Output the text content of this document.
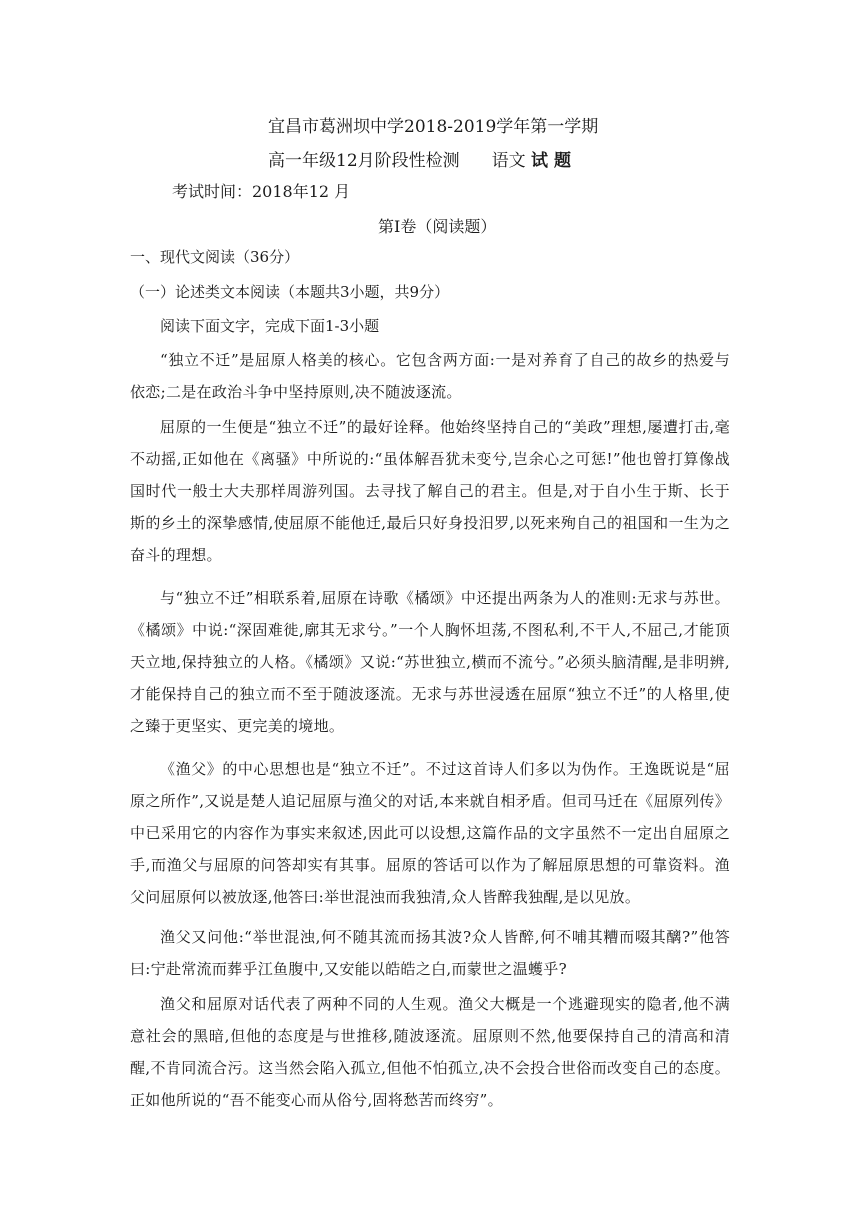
宜昌市葛洲坝中学2018-2019学年第一学期
高一年级12月阶段性检测 语文 试 题
考试时间：2018年12 月
第Ⅰ卷（阅读题）
一、现代文阅读（36分）
（一）论述类文本阅读（本题共3小题，共9分）
阅读下面文字，完成下面1-3小题

“独立不迁”是屈原人格美的核心。它包含两方面:一是对养育了自己的故乡的热爱与依恋;二是在政治斗争中坚持原则,决不随波逐流。

屈原的一生便是“独立不迁”的最好诠释。他始终坚持自己的“美政”理想,屡遭打击,毫不动摇,正如他在《离骚》中所说的:“虽体解吾犹未变兮,岂余心之可惩!”他也曾打算像战国时代一般士大夫那样周游列国。去寻找了解自己的君主。但是,对于自小生于斯、长于斯的乡土的深挚感情,使屈原不能他迁,最后只好身投汨罗,以死来殉自己的祖国和一生为之奋斗的理想。

与“独立不迁”相联系着,屈原在诗歌《橘颂》中还提出两条为人的准则:无求与苏世。《橘颂》中说:“深固难徙,廓其无求兮。”一个人胸怀坦荡,不图私利,不干人,不屈己,才能顶天立地,保持独立的人格。《橘颂》又说:“苏世独立,横而不流兮。”必须头脑清醒,是非明辨,才能保持自己的独立而不至于随波逐流。无求与苏世浸透在屈原“独立不迁”的人格里,使之臻于更坚实、更完美的境地。

《渔父》的中心思想也是“独立不迁”。不过这首诗人们多以为伪作。王逸既说是“屈原之所作”,又说是楚人追记屈原与渔父的对话,本来就自相矛盾。但司马迁在《屈原列传》中已采用它的内容作为事实来叙述,因此可以设想,这篇作品的文字虽然不一定出自屈原之手,而渔父与屈原的问答却实有其事。屈原的答话可以作为了解屈原思想的可靠资料。渔父问屈原何以被放逐,他答曰:举世混浊而我独清,众人皆醉我独醒,是以见放。

渔父又问他:“举世混浊,何不随其流而扬其波?众人皆醉,何不哺其糟而啜其醨?”他答曰:宁赴常流而葬乎江鱼腹中,又安能以皓皓之白,而蒙世之温蠖乎?

渔父和屈原对话代表了两种不同的人生观。渔父大概是一个逃避现实的隐者,他不满意社会的黑暗,但他的态度是与世推移,随波逐流。屈原则不然,他要保持自己的清高和清醒,不肯同流合污。这当然会陷入孤立,但他不怕孤立,决不会投合世俗而改变自己的态度。正如他所说的“吾不能变心而从俗兮,固将愁苦而终穷”。
